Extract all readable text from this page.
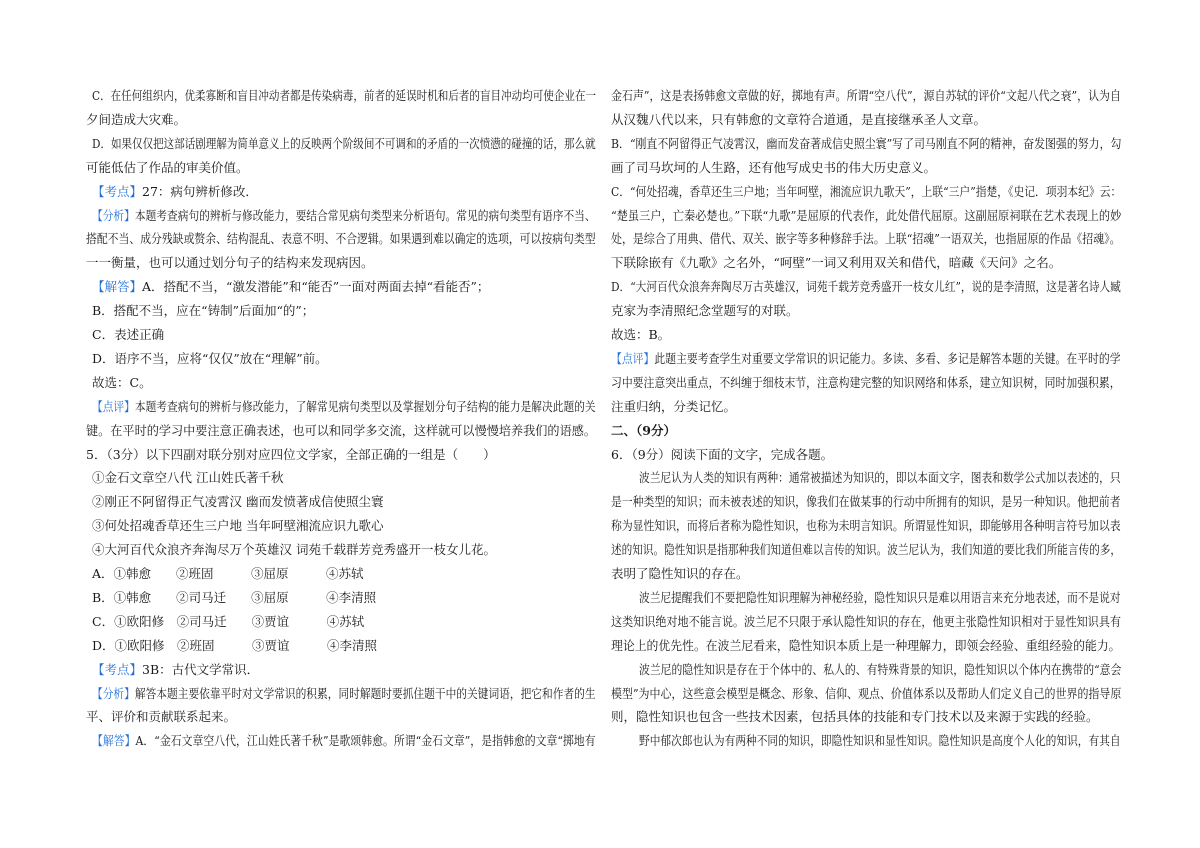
C．在任何组织内，优柔寡断和盲目冲动者都是传染病毒，前者的延误时机和后者的盲目冲动均可使企业在一
夕间造成大灾难。
D．如果仅仅把这部话剧理解为简单意义上的反映两个阶级间不可调和的矛盾的一次愤懑的碰撞的话，那么就
可能低估了作品的审美价值。
【考点】27：病句辨析修改．
【分析】本题考查病句的辨析与修改能力，要结合常见病句类型来分析语句。常见的病句类型有语序不当、
搭配不当、成分残缺或赘余、结构混乱、表意不明、不合逻辑。如果遇到难以确定的选项，可以按病句类型
一一衡量，也可以通过划分句子的结构来发现病因。
【解答】A．搭配不当，“激发潜能”和“能否”一面对两面去掉“看能否”；
B．搭配不当，应在“铸制”后面加“的”；
C．表述正确
D．语序不当，应将“仅仅”放在“理解”前。
故选：C。
【点评】本题考查病句的辨析与修改能力，了解常见病句类型以及掌握划分句子结构的能力是解决此题的关
键。在平时的学习中要注意正确表述，也可以和同学多交流，这样就可以慢慢培养我们的语感。
5．（3分）以下四副对联分别对应四位文学家，全部正确的一组是（　　）
①金石文章空八代 江山姓氏著千秋
②刚正不阿留得正气凌霄汉 幽而发愤著成信使照尘寰
③何处招魂香草还生三户地 当年呵壁湘流应识九歌心
④大河百代众浪齐奔淘尽万个英雄汉 词苑千载群芳竞秀盛开一枝女儿花。
A．①韩愈　　②班固　　　③屈原　　　④苏轼
B．①韩愈　　②司马迁　　③屈原　　　④李清照
C．①欧阳修　②司马迁　　③贾谊　　　④苏轼
D．①欧阳修　②班固　　　③贾谊　　　④李清照
【考点】3B：古代文学常识．
【分析】解答本题主要依靠平时对文学常识的积累，同时解题时要抓住题干中的关键词语，把它和作者的生
平、评价和贡献联系起来。
【解答】A．“金石文章空八代，江山姓氏著千秋”是歌颂韩愈。所谓“金石文章”，是指韩愈的文章“掷地有
金石声”，这是表扬韩愈文章做的好，掷地有声。所谓“空八代”，源自苏轼的评价“文起八代之衰”，认为自
从汉魏八代以来，只有韩愈的文章符合道通，是直接继承圣人文章。
B．“刚直不阿留得正气凌霄汉，幽而发奋著成信史照尘寰”写了司马刚直不阿的精神，奋发图强的努力，勾
画了司马坎坷的人生路，还有他写成史书的伟大历史意义。
C．“何处招魂，香草还生三户地；当年呵壁，湘流应识九歌天”，上联“三户”指楚，《史记．项羽本纪》云：
“楚虽三户，亡秦必楚也。”下联“九歌”是屈原的代表作，此处借代屈原。这副屈原祠联在艺术表现上的妙
处，是综合了用典、借代、双关、嵌字等多种修辞手法。上联“招魂”一语双关，也指屈原的作品《招魂》。
下联除嵌有《九歌》之名外，“呵壁”一词又利用双关和借代，暗藏《天问》之名。
D．“大河百代众浪奔奔陶尽万古英雄汉，词苑千载芳竞秀盛开一枝女儿红”，说的是李清照，这是著名诗人臧
克家为李清照纪念堂题写的对联。
故选：B。
【点评】此题主要考查学生对重要文学常识的识记能力。多读、多看、多记是解答本题的关键。在平时的学
习中要注意突出重点，不纠缠于细枝末节，注意构建完整的知识网络和体系，建立知识树，同时加强积累，
注重归纳，分类记忆。
二、（9分）
6．（9分）阅读下面的文字，完成各题。
波兰尼认为人类的知识有两种：通常被描述为知识的，即以本面文字，图表和数学公式加以表述的，只
是一种类型的知识；而未被表述的知识，像我们在做某事的行动中所拥有的知识，是另一种知识。他把前者
称为显性知识，而将后者称为隐性知识，也称为未明言知识。所谓显性知识，即能够用各种明言符号加以表
述的知识。隐性知识是指那种我们知道但难以言传的知识。波兰尼认为，我们知道的要比我们所能言传的多，
表明了隐性知识的存在。
波兰尼提醒我们不要把隐性知识理解为神秘经验，隐性知识只是难以用语言来充分地表述，而不是说对
这类知识绝对地不能言说。波兰尼不只限于承认隐性知识的存在，他更主张隐性知识相对于显性知识具有
理论上的优先性。在波兰尼看来，隐性知识本质上是一种理解力，即领会经验、重组经验的能力。
波兰尼的隐性知识是存在于个体中的、私人的、有特殊背景的知识，隐性知识以个体内在携带的“意会
模型”为中心，这些意会模型是概念、形象、信仰、观点、价值体系以及帮助人们定义自己的世界的指导原
则，隐性知识也包含一些技术因素，包括具体的技能和专门技术以及来源于实践的经验。
野中郁次郎也认为有两种不同的知识，即隐性知识和显性知识。隐性知识是高度个人化的知识，有其自
